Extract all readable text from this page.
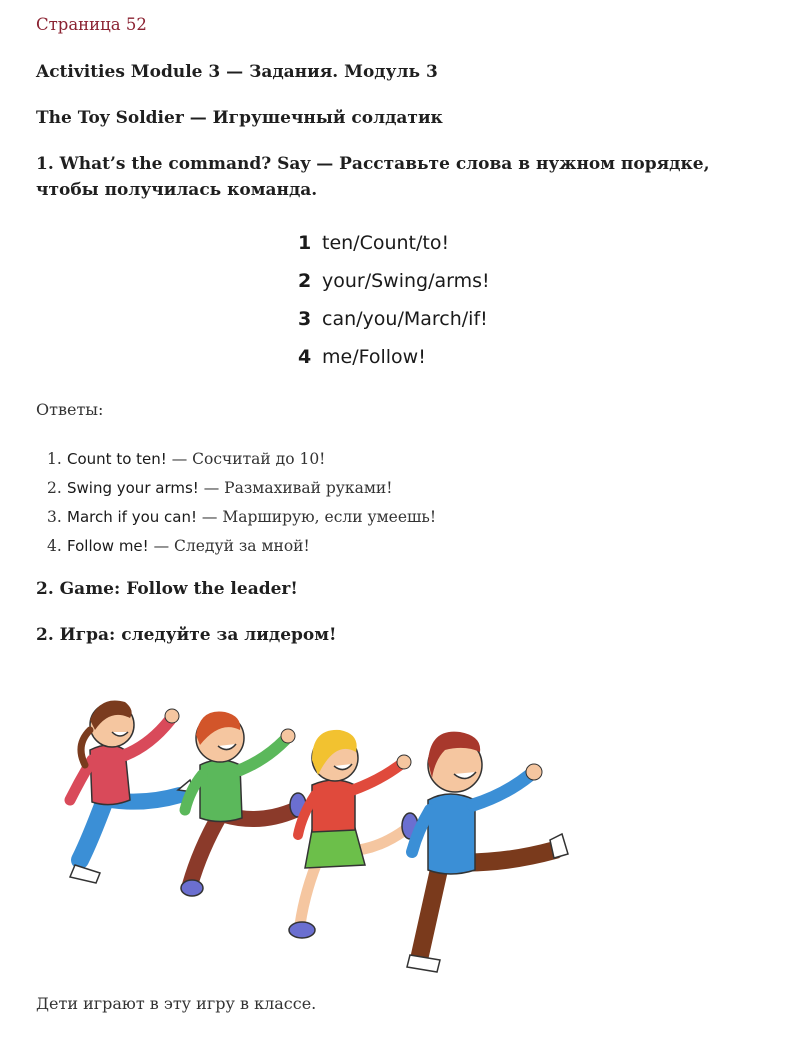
Страница 52
Activities Module 3 — Задания. Модуль 3
The Toy Soldier — Игрушечный солдатик
1. What’s the command? Say — Расставьте слова в нужном порядке, чтобы получилась команда.
1 ten/Count/to!
2 your/Swing/arms!
3 can/you/March/if!
4 me/Follow!
Ответы:
1. Count to ten! — Сосчитай до 10!
2. Swing your arms! — Размахивай руками!
3. March if you can! — Марширую, если умеешь!
4. Follow me! — Следуй за мной!
2. Game: Follow the leader!
2. Игра: следуйте за лидером!
Дети играют в эту игру в классе.
